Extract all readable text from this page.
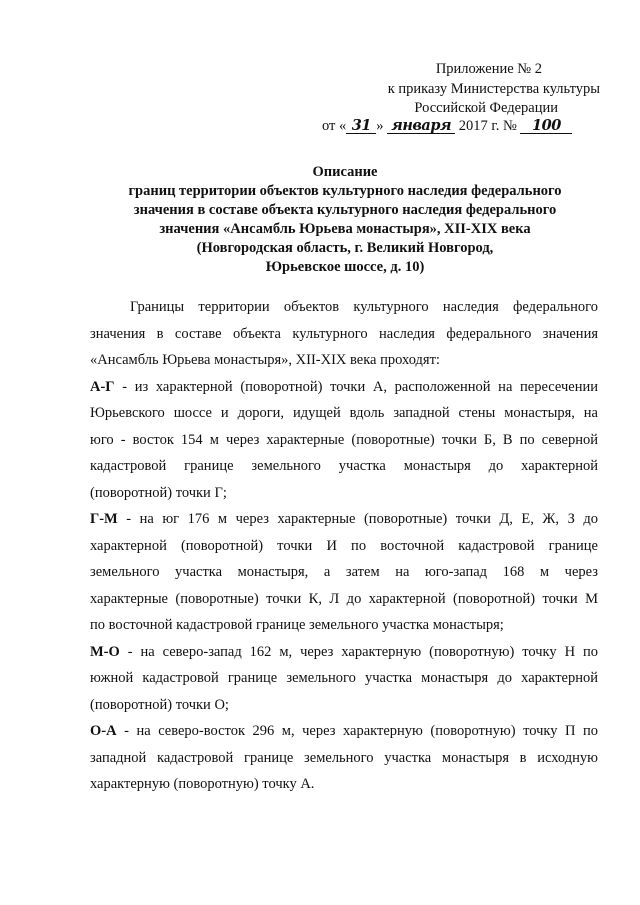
Приложение № 2
к приказу Министерства культуры
Российской Федерации
от « 31 » января 2017 г. № 100
Описание
границ территории объектов культурного наследия федерального
значения в составе объекта культурного наследия федерального
значения «Ансамбль Юрьева монастыря», XII-XIX века
(Новгородская область, г. Великий Новгород,
Юрьевское шоссе, д. 10)

Границы территории объектов культурного наследия федерального
значения в составе объекта культурного наследия федерального значения
«Ансамбль Юрьева монастыря», XII-XIX века проходят:

А-Г - из характерной (поворотной) точки А, расположенной на пересечении
Юрьевского шоссе и дороги, идущей вдоль западной стены монастыря, на
юго - восток 154 м через характерные (поворотные) точки Б, В по северной
кадастровой границе земельного участка монастыря до характерной
(поворотной) точки Г;

Г-М - на юг 176 м через характерные (поворотные) точки Д, Е, Ж, З до
характерной (поворотной) точки И по восточной кадастровой границе
земельного участка монастыря, а затем на юго-запад 168 м через
характерные (поворотные) точки К, Л до характерной (поворотной) точки М
по восточной кадастровой границе земельного участка монастыря;

М-О - на северо-запад 162 м, через характерную (поворотную) точку Н по
южной кадастровой границе земельного участка монастыря до характерной
(поворотной) точки О;

О-А - на северо-восток 296 м, через характерную (поворотную) точку П по
западной кадастровой границе земельного участка монастыря в исходную
характерную (поворотную) точку А.
